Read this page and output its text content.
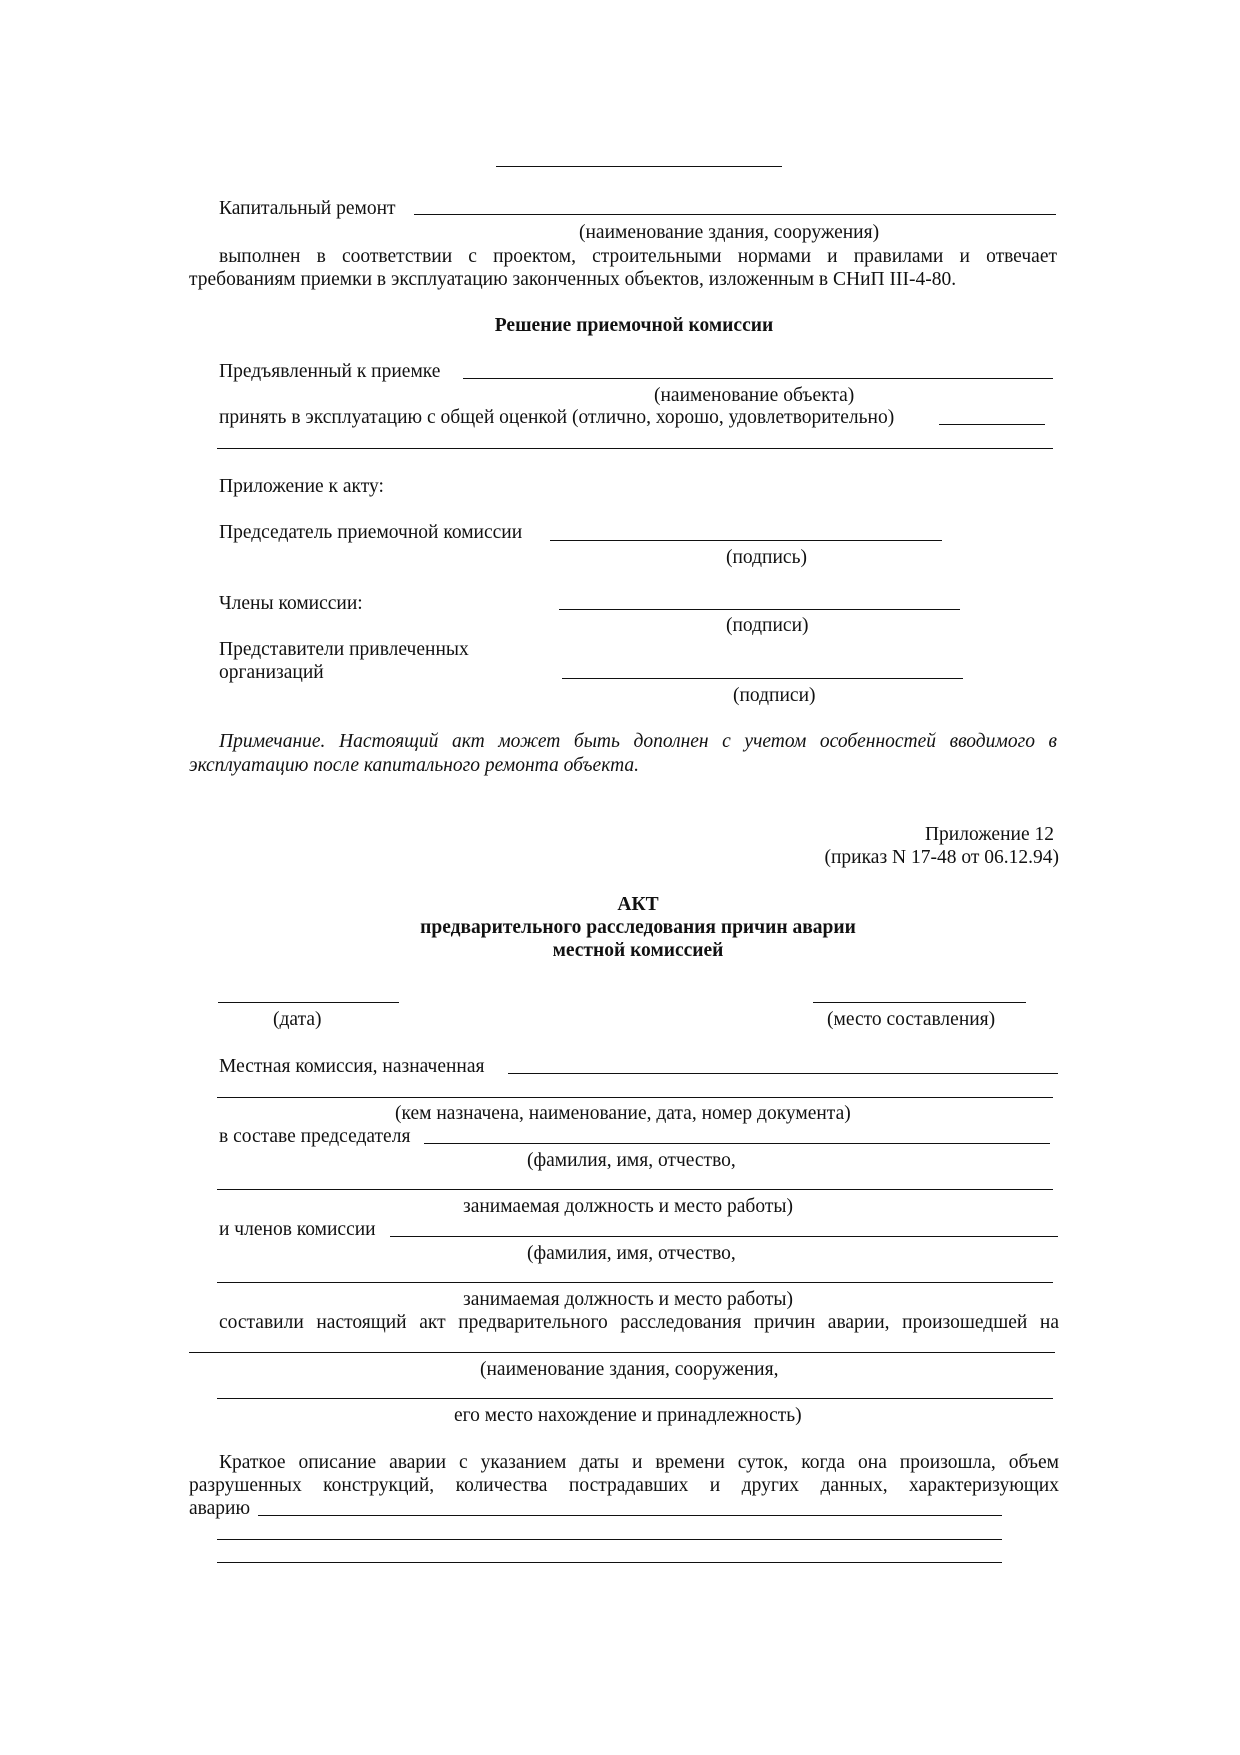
Капитальный ремонт
(наименование здания, сооружения)
выполнен в соответствии с проектом, строительными нормами и правилами и отвечает
требованиям приемки в эксплуатацию законченных объектов, изложенным в СНиП III-4-80.
Решение приемочной комиссии
Предъявленный к приемке
(наименование объекта)
принять в эксплуатацию с общей оценкой (отлично, хорошо, удовлетворительно)
Приложение к акту:
Председатель приемочной комиссии
(подпись)
Члены комиссии:
(подписи)
Представители привлеченных
организаций
(подписи)
Примечание. Настоящий акт может быть дополнен с учетом особенностей вводимого в
эксплуатацию после капитального ремонта объекта.
Приложение 12
(приказ N 17-48 от 06.12.94)
АКТ
предварительного расследования причин аварии
местной комиссией
(дата)	(место составления)
Местная комиссия, назначенная
(кем назначена, наименование, дата, номер документа)
в составе председателя
(фамилия, имя, отчество,
занимаемая должность и место работы)
и членов комиссии
(фамилия, имя, отчество,
занимаемая должность и место работы)
составили настоящий акт предварительного расследования причин аварии, произошедшей на
(наименование здания, сооружения,
его место нахождение и принадлежность)
Краткое описание аварии с указанием даты и времени суток, когда она произошла, объем
разрушенных конструкций, количества пострадавших и других данных, характеризующих
аварию
